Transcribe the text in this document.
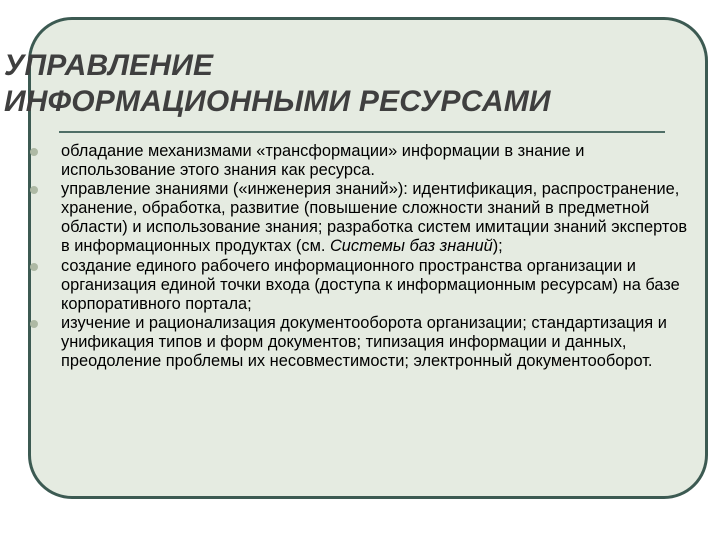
УПРАВЛЕНИЕ
ИНФОРМАЦИОННЫМИ РЕСУРСАМИ
обладание механизмами «трансформации» информации в знание и использование этого знания как ресурса.
управление знаниями («инженерия знаний»): идентификация, распространение, хранение, обработка, развитие (повышение сложности знаний в предметной области) и использование знания; разработка систем имитации знаний экспертов в информационных продуктах (см. Системы баз знаний);
создание единого рабочего информационного пространства организации и организация единой точки входа (доступа к информационным ресурсам) на базе корпоративного портала;
изучение и рационализация документооборота организации; стандартизация и унификация типов и форм документов; типизация информации и данных, преодоление проблемы их несовместимости; электронный документооборот.
